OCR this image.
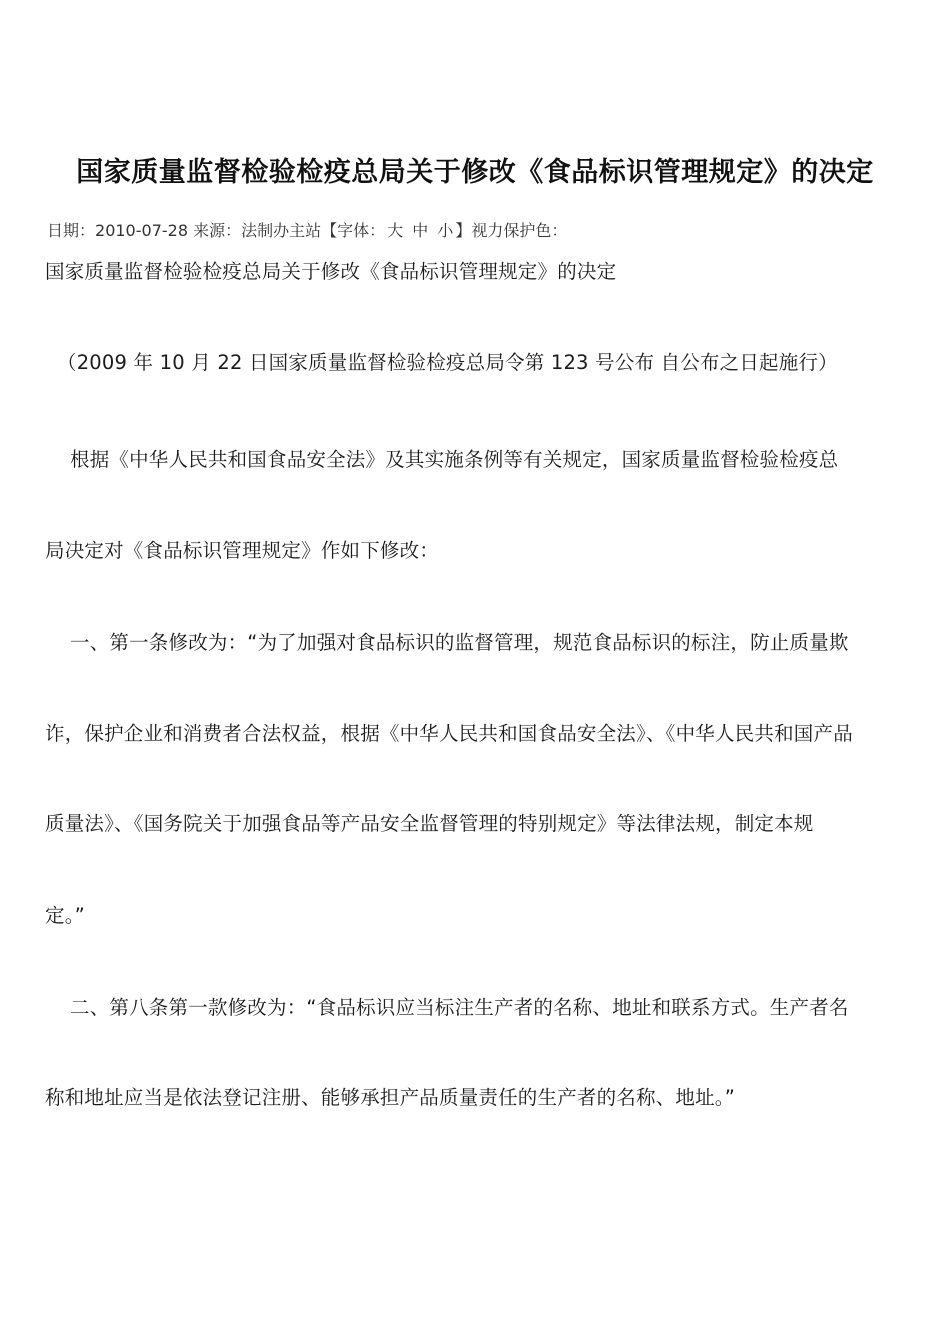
国家质量监督检验检疫总局关于修改《食品标识管理规定》的决定
日期：2010-07-28 来源：法制办主站【字体： 大 中 小 】视力保护色：
国家质量监督检验检疫总局关于修改《食品标识管理规定》的决定
（2009 年 10 月 22 日国家质量监督检验检疫总局令第 123 号公布 自公布之日起施行）
根据《中华人民共和国食品安全法》及其实施条例等有关规定，国家质量监督检验检疫总
局决定对《食品标识管理规定》作如下修改：
一、第一条修改为：“为了加强对食品标识的监督管理，规范食品标识的标注，防止质量欺
诈，保护企业和消费者合法权益，根据《中华人民共和国食品安全法》、《中华人民共和国产品
质量法》、《国务院关于加强食品等产品安全监督管理的特别规定》等法律法规，制定本规
定。”
二、第八条第一款修改为：“食品标识应当标注生产者的名称、地址和联系方式。生产者名
称和地址应当是依法登记注册、能够承担产品质量责任的生产者的名称、地址。”
